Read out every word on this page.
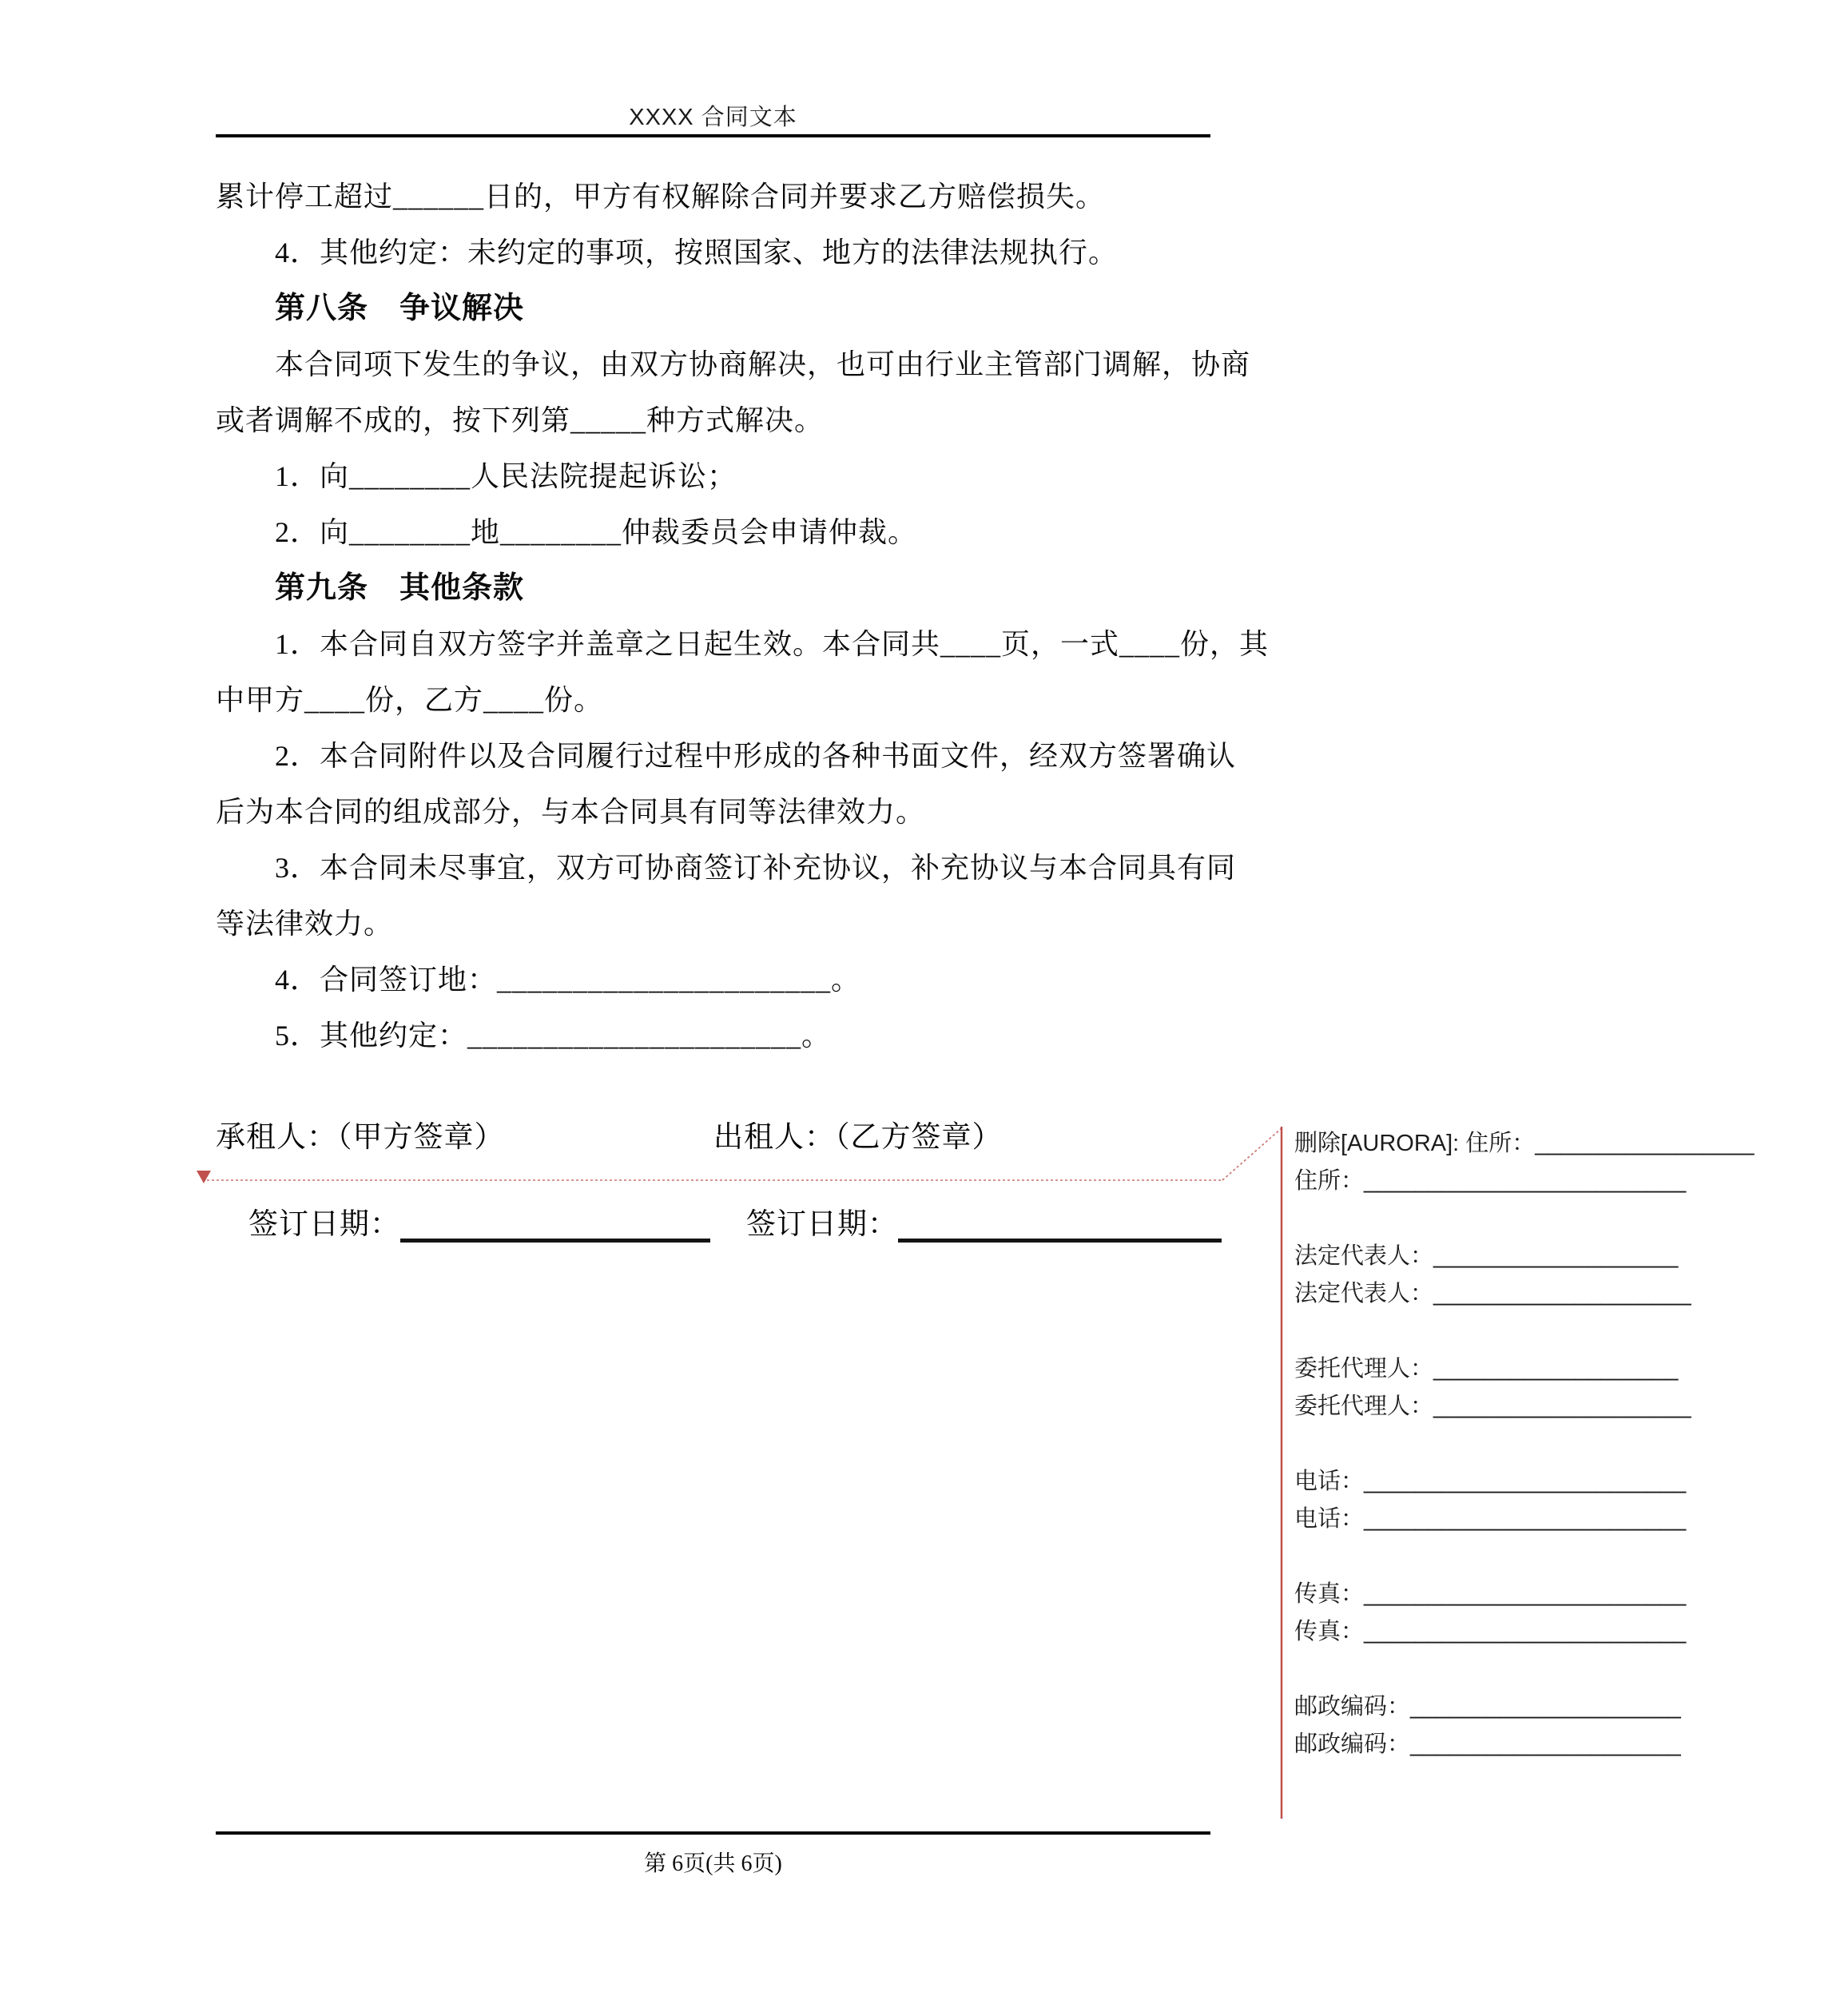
XXXX 合同文本
累计停工超过______日的，甲方有权解除合同并要求乙方赔偿损失。
4．其他约定：未约定的事项，按照国家、地方的法律法规执行。
第八条　争议解决
本合同项下发生的争议，由双方协商解决，也可由行业主管部门调解，协商
或者调解不成的，按下列第_____种方式解决。
1．向________人民法院提起诉讼；
2．向________地________仲裁委员会申请仲裁。
第九条　其他条款
1．本合同自双方签字并盖章之日起生效。本合同共____页，一式____份，其
中甲方____份，乙方____份。
2．本合同附件以及合同履行过程中形成的各种书面文件，经双方签署确认
后为本合同的组成部分，与本合同具有同等法律效力。
3．本合同未尽事宜，双方可协商签订补充协议，补充协议与本合同具有同
等法律效力。
4．合同签订地：______________________。
5．其他约定：______________________。
承租人：（甲方签章）	出租人：（乙方签章）

签订日期：
	签订日期：

删除[AURORA]: 住所：_________________
住所：_________________________
法定代表人：___________________
法定代表人：____________________
委托代理人：___________________
委托代理人：____________________
电话：_________________________
电话：_________________________
传真：_________________________
传真：_________________________
邮政编码：_____________________
邮政编码：_____________________
第 6页(共 6页)
